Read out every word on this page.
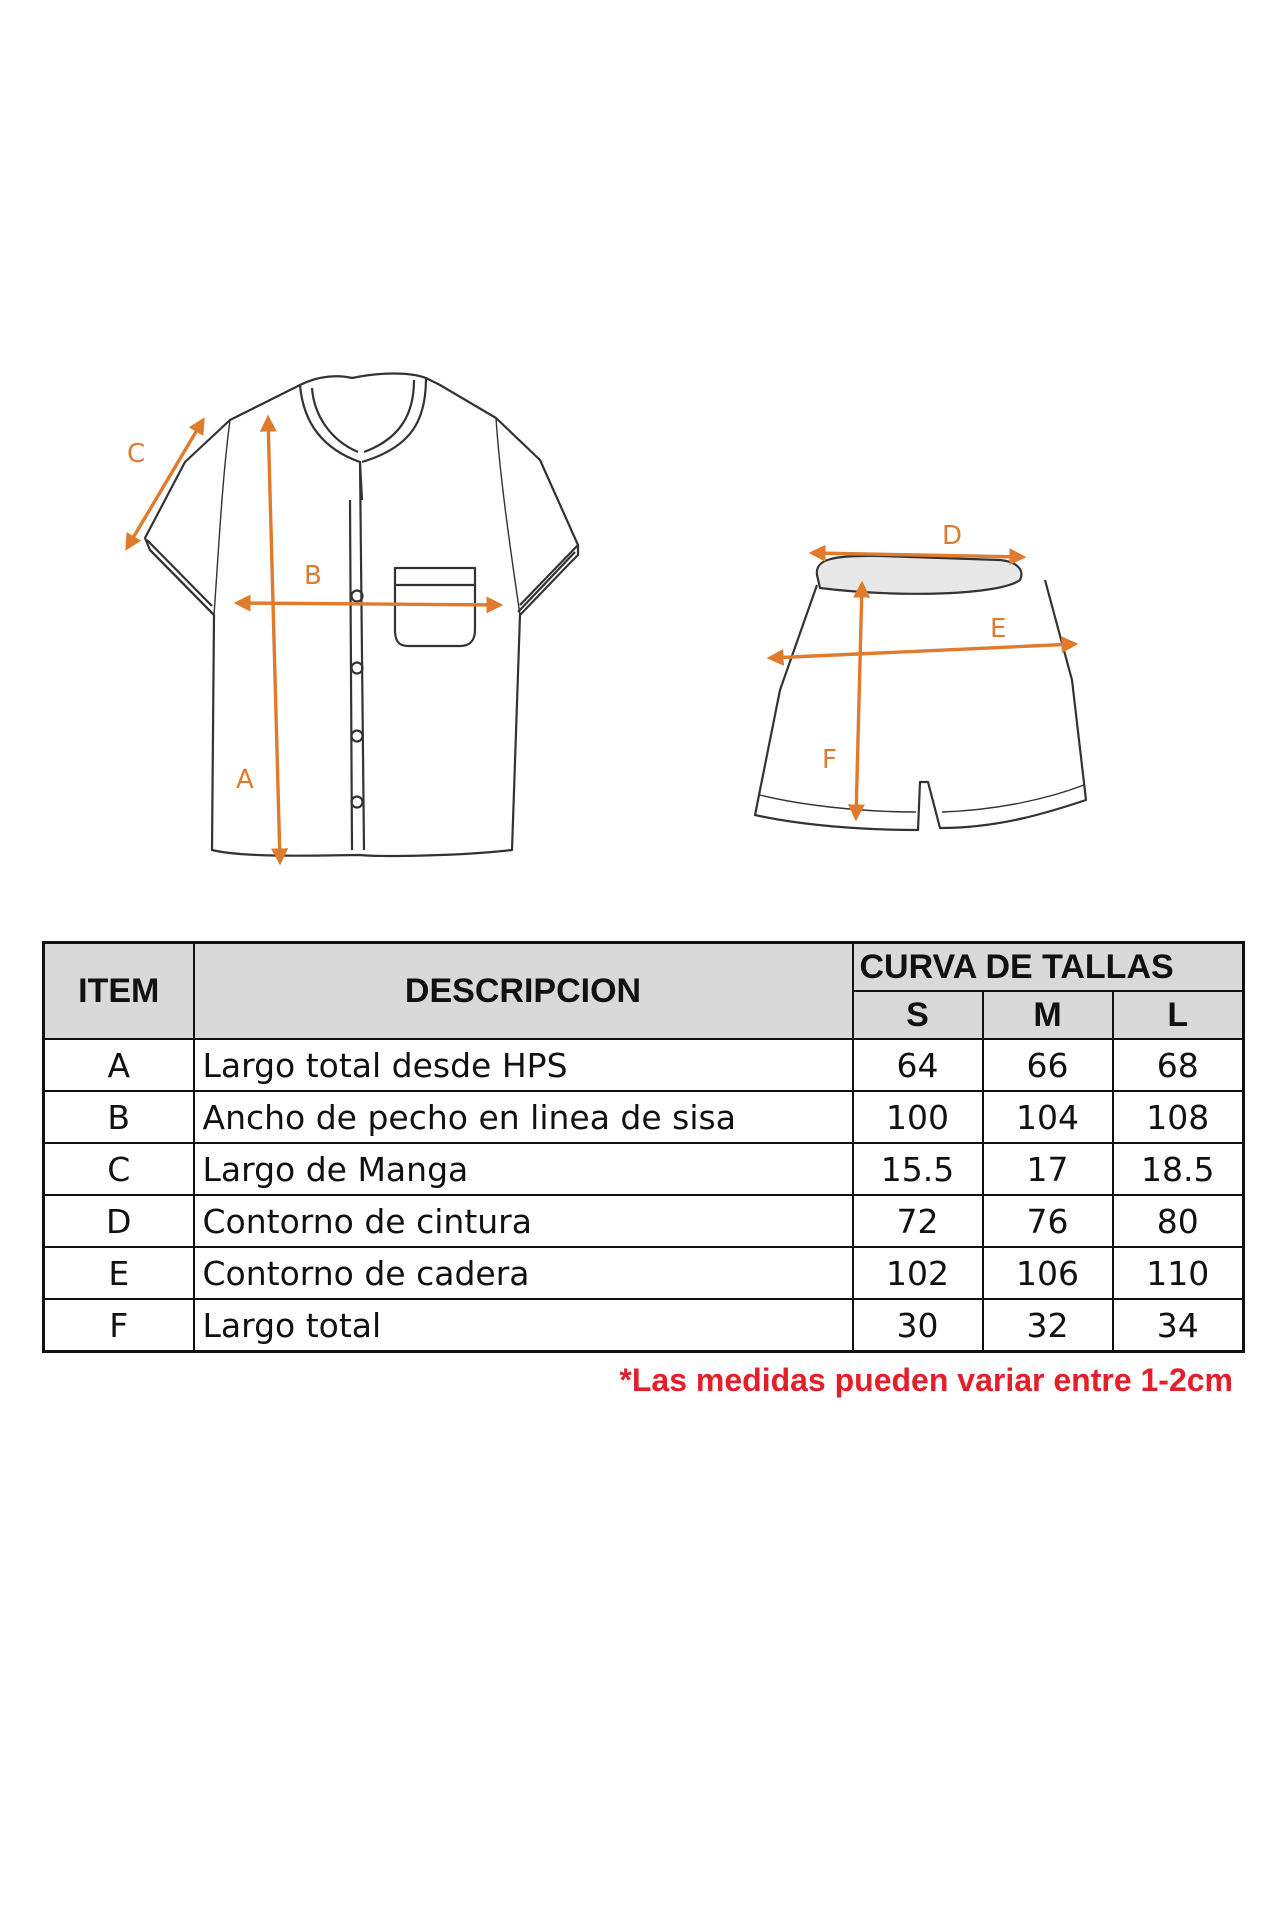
A
B
C
D
E
F
ITEM	DESCRIPCION	CURVA DE TALLAS		
		S	M	L
A	Largo total desde HPS	64	66	68
B	Ancho de pecho en linea de sisa	100	104	108
C	Largo de Manga	15.5	17	18.5
D	Contorno de cintura	72	76	80
E	Contorno de cadera	102	106	110
F	Largo total	30	32	34
*Las medidas pueden variar entre 1-2cm
